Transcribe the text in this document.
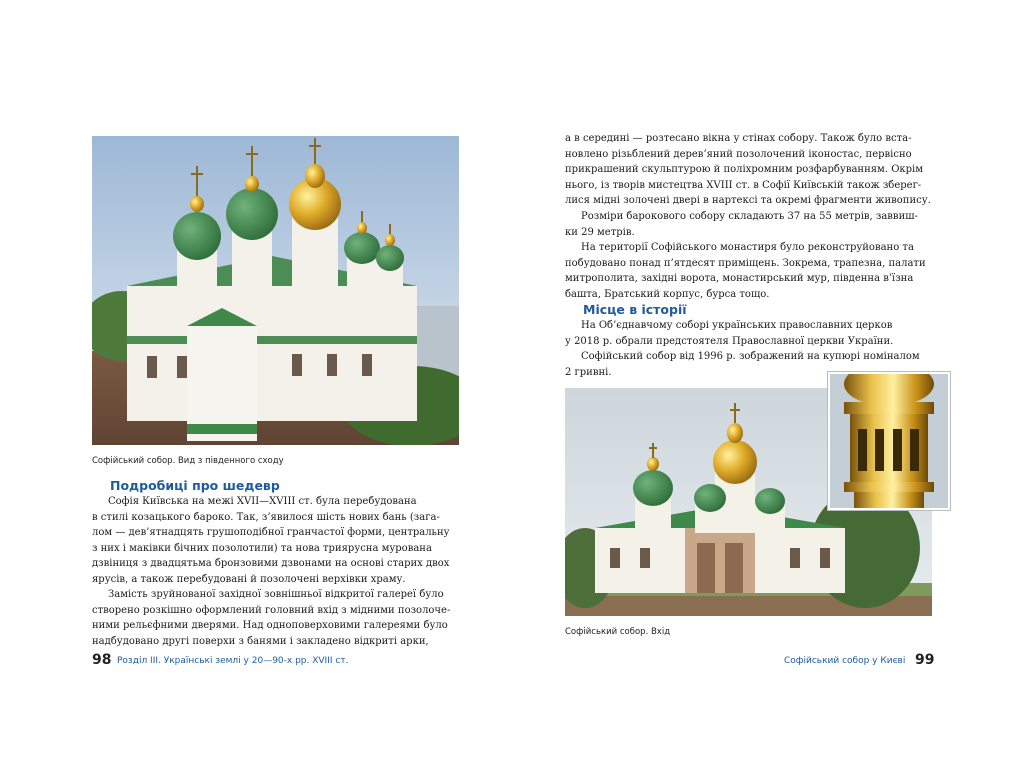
Софійський собор. Вид з південного сходу
Подробиці про шедевр
Софія Київська на межі XVII—XVIII ст. була перебудована
в стилі козацького бароко. Так, з’явилося шість нових бань (зага-
лом — дев’ятнадцять грушоподібної гранчастої форми, центральну
з них і маківки бічних позолотили) та нова триярусна мурована
дзвіниця з двадцятьма бронзовими дзвонами на основі старих двох
ярусів, а також перебудовані й позолочені верхівки храму.
Замість зруйнованої західної зовнішньої відкритої галереї було
створено розкішно оформлений головний вхід з мідними позолоче-
ними рельєфними дверями. Над одноповерховими галереями було
надбудовано другі поверхи з банями і закладено відкриті арки,
98 Розділ ІІІ. Українські землі у 20—90-х рр. XVIII ст.
а в середині — розтесано вікна у стінах собору. Також було вста-
новлено різьблений дерев’яний позолочений іконостас, первісно
прикрашений скульптурою й поліхромним розфарбуванням. Окрім
нього, із творів мистецтва XVIII ст. в Софії Київській також зберег-
лися мідні золочені двері в нартексі та окремі фрагменти живопису.
Розміри барокового собору складають 37 на 55 метрів, заввиш-
ки 29 метрів.
На території Софійського монастиря було реконструйовано та
побудовано понад п’ятдесят приміщень. Зокрема, трапезна, палати
митрополита, західні ворота, монастирський мур, південна в’їзна
башта, Братський корпус, бурса тощо.
Місце в історії
На Об’єднавчому соборі українських православних церков
у 2018 р. обрали предстоятеля Православної церкви України.
Софійський собор від 1996 р. зображений на купюрі номіналом
2 гривні.
Софійський собор. Вхід
Софійський собор у Києві 99
